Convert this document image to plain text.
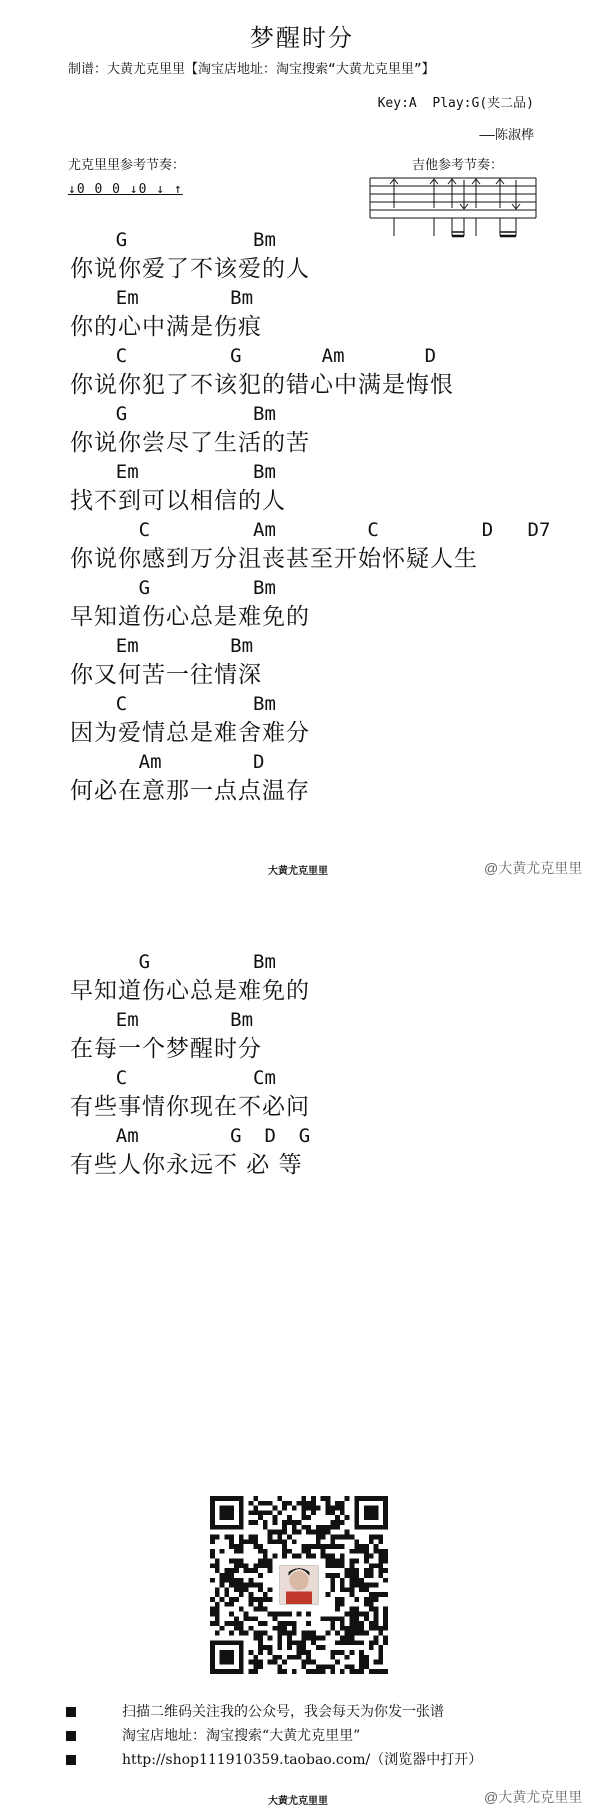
梦醒时分
制谱：大黄尤克里里【淘宝店地址：淘宝搜索“大黄尤克里里”】
Key:A  Play:G(夹二品)
——陈淑桦
尤克里里参考节奏：	吉他参考节奏：
↓0 0 0 ↓0 ↓ ↑
G           Bm
你说你爱了不该爱的人
Em        Bm
你的心中满是伤痕
C         G       Am       D
你说你犯了不该犯的错心中满是悔恨
G           Bm
你说你尝尽了生活的苦
Em          Bm
找不到可以相信的人
C         Am        C         D   D7
你说你感到万分沮丧甚至开始怀疑人生
G         Bm
早知道伤心总是难免的
Em        Bm
你又何苦一往情深
C           Bm
因为爱情总是难舍难分
Am        D
何必在意那一点点温存
大黄尤克里里	@大黄尤克里里
G         Bm
早知道伤心总是难免的
Em        Bm
在每一个梦醒时分
C           Cm
有些事情你现在不必问
Am        G  D  G
有些人你永远不 必 等
扫描二维码关注我的公众号，我会每天为你发一张谱
淘宝店地址：淘宝搜索“大黄尤克里里”
http://shop111910359.taobao.com/（浏览器中打开）
大黄尤克里里	@大黄尤克里里
